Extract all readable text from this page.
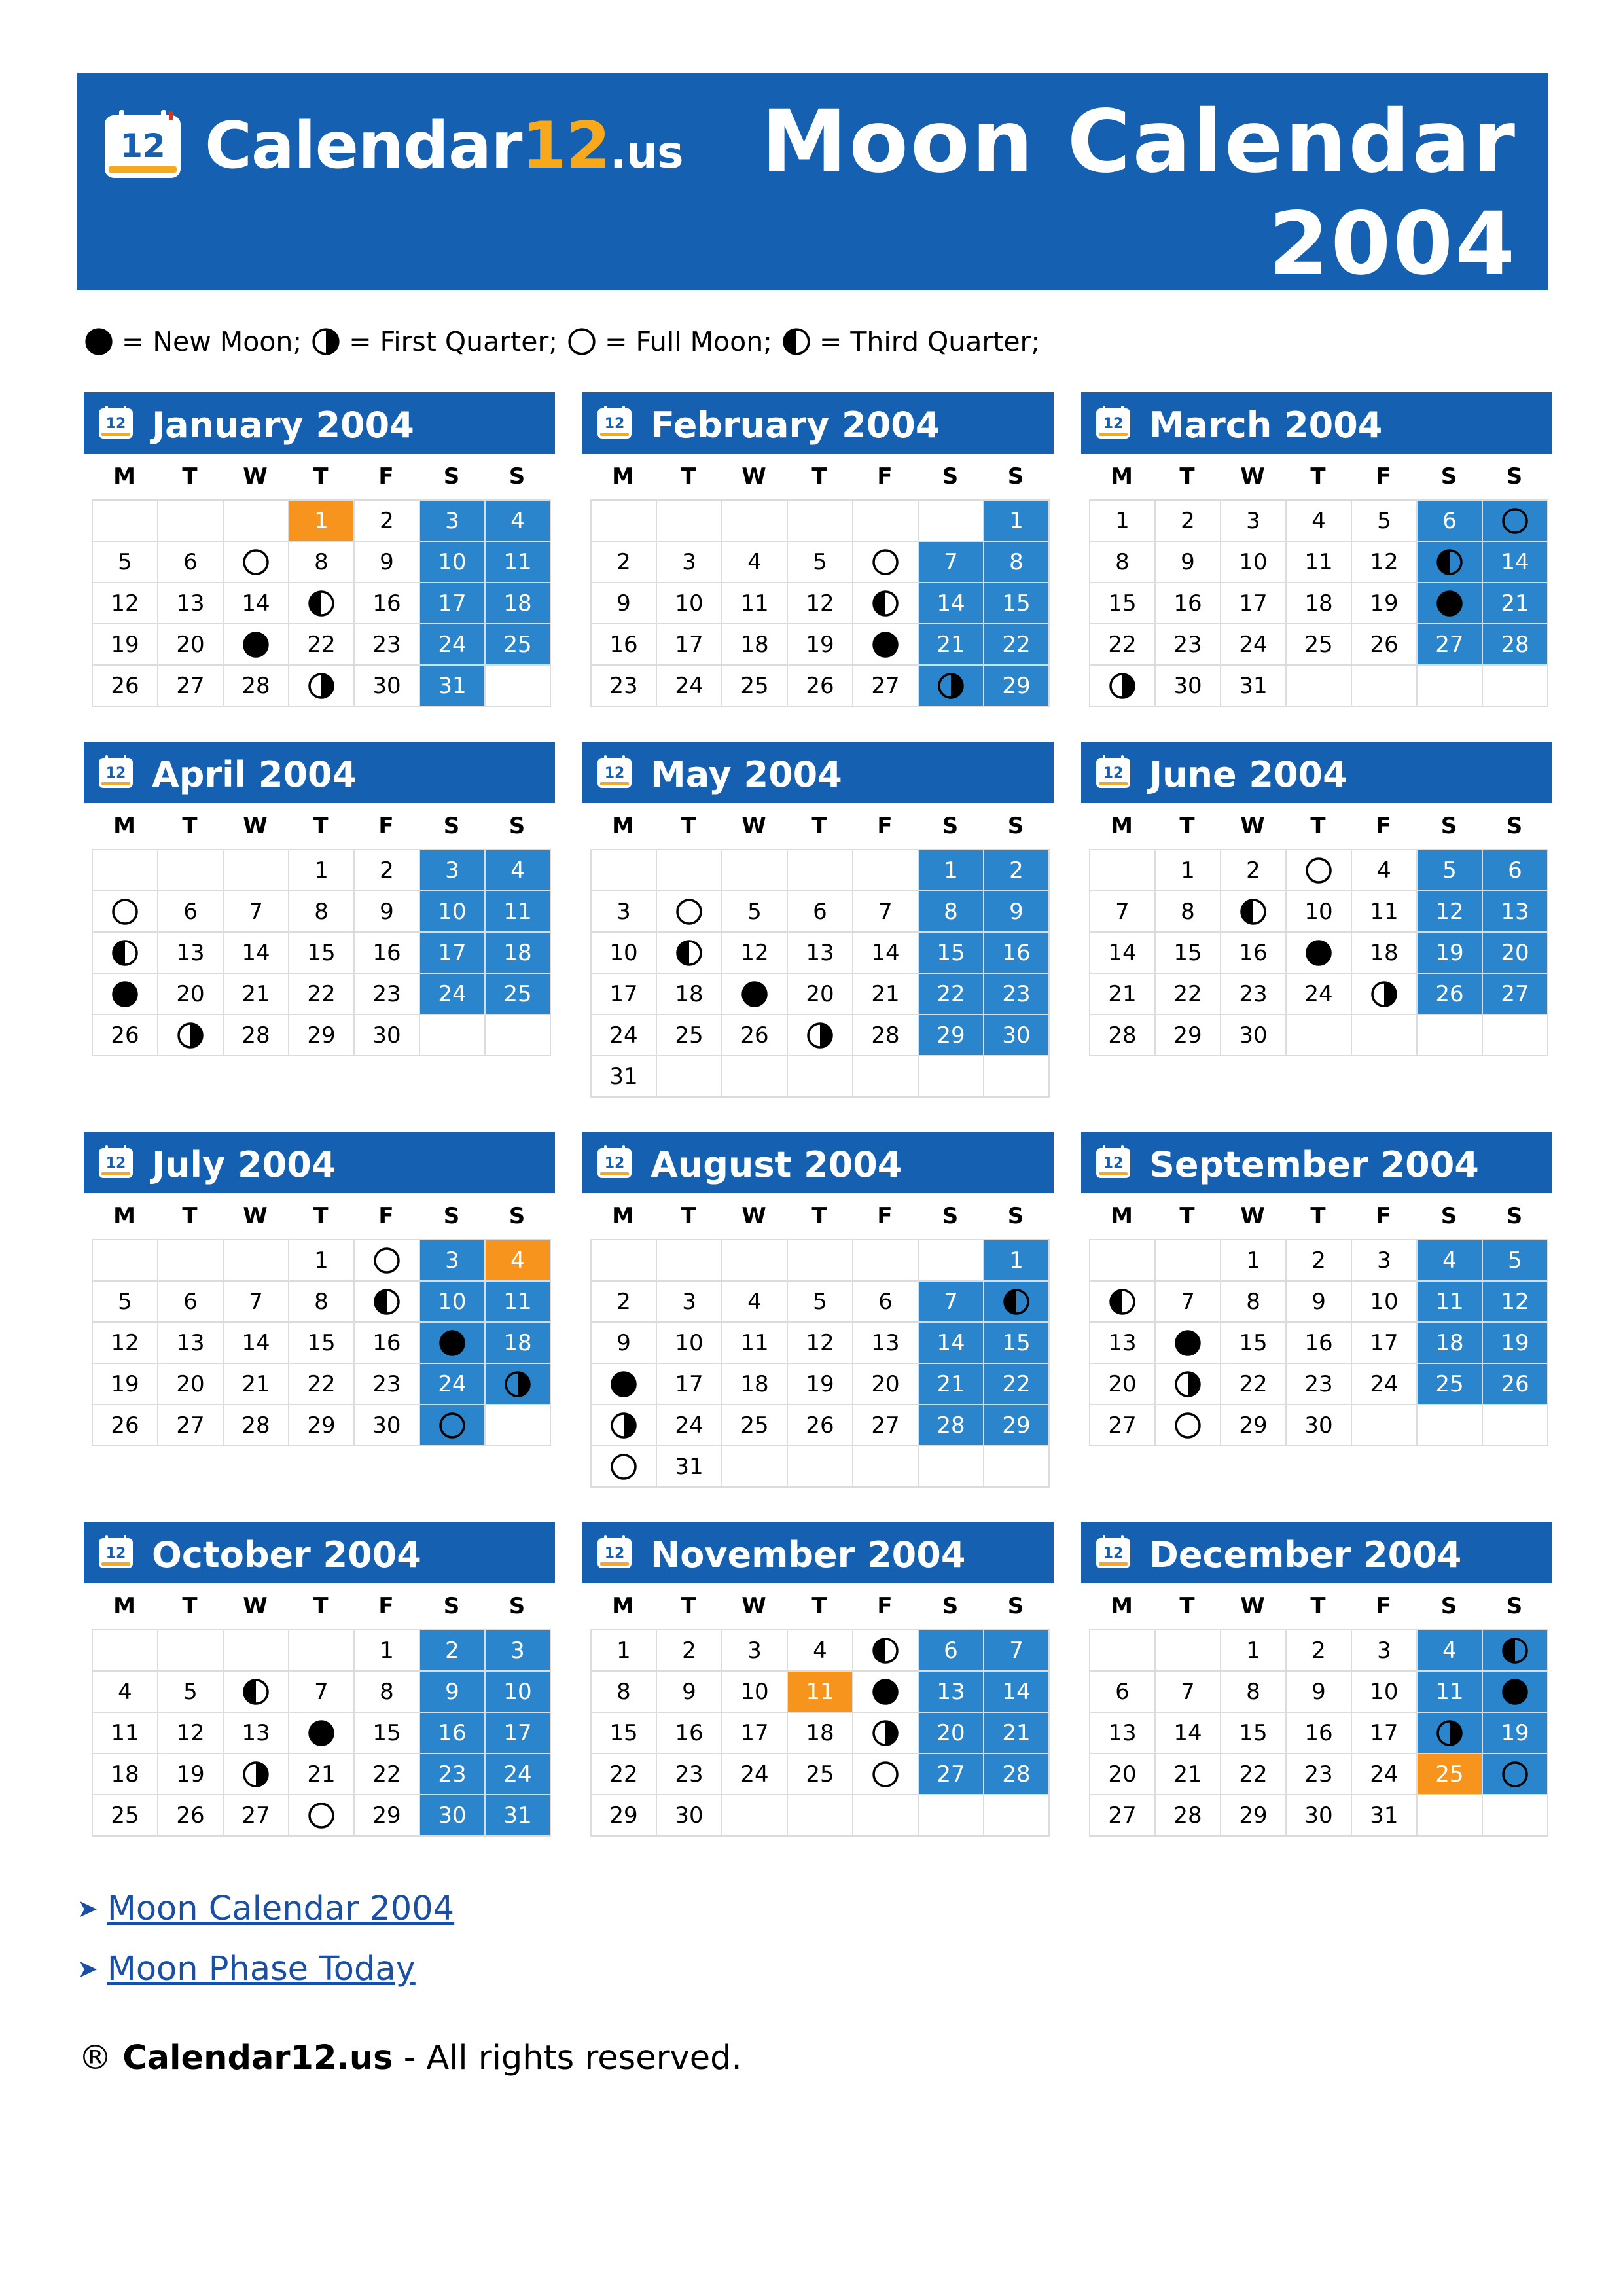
12 Calendar12.us Moon Calendar
2004
= New Moon; = First Quarter; = Full Moon; = Third Quarter;
12 January 2004
M	T	W	T	F	S	S
			1	2	3	4
5	6		8	9	10	11
12	13	14		16	17	18
19	20		22	23	24	25
26	27	28		30	31	
12 February 2004
M	T	W	T	F	S	S
						1
2	3	4	5		7	8
9	10	11	12		14	15
16	17	18	19		21	22
23	24	25	26	27		29
12 March 2004
M	T	W	T	F	S	S
1	2	3	4	5	6	

8	9	10	11	12		14
15	16	17	18	19		21
22	23	24	25	26	27	28

	30	31				
12 April 2004
M	T	W	T	F	S	S
			1	2	3	4

	6	7	8	9	10	11

	13	14	15	16	17	18

	20	21	22	23	24	25
26		28	29	30		
12 May 2004
M	T	W	T	F	S	S
					1	2
3		5	6	7	8	9
10		12	13	14	15	16
17	18		20	21	22	23
24	25	26		28	29	30
31						
12 June 2004
M	T	W	T	F	S	S
	1	2		4	5	6
7	8		10	11	12	13
14	15	16		18	19	20
21	22	23	24		26	27
28	29	30				
12 July 2004
M	T	W	T	F	S	S
			1		3	4
5	6	7	8		10	11
12	13	14	15	16		18
19	20	21	22	23	24	

26	27	28	29	30	

12 August 2004
M	T	W	T	F	S	S
						1
2	3	4	5	6	7	

9	10	11	12	13	14	15

	17	18	19	20	21	22

	24	25	26	27	28	29

	31					
12 September 2004
M	T	W	T	F	S	S
		1	2	3	4	5

	7	8	9	10	11	12
13		15	16	17	18	19
20		22	23	24	25	26
27		29	30			
12 October 2004
M	T	W	T	F	S	S
				1	2	3
4	5		7	8	9	10
11	12	13		15	16	17
18	19		21	22	23	24
25	26	27		29	30	31
12 November 2004
M	T	W	T	F	S	S
1	2	3	4		6	7
8	9	10	11		13	14
15	16	17	18		20	21
22	23	24	25		27	28
29	30					
12 December 2004
M	T	W	T	F	S	S
		1	2	3	4	

6	7	8	9	10	11	

13	14	15	16	17		19
20	21	22	23	24	25	

27	28	29	30	31		
➤ Moon Calendar 2004
➤ Moon Phase Today
® Calendar12.us - All rights reserved.
